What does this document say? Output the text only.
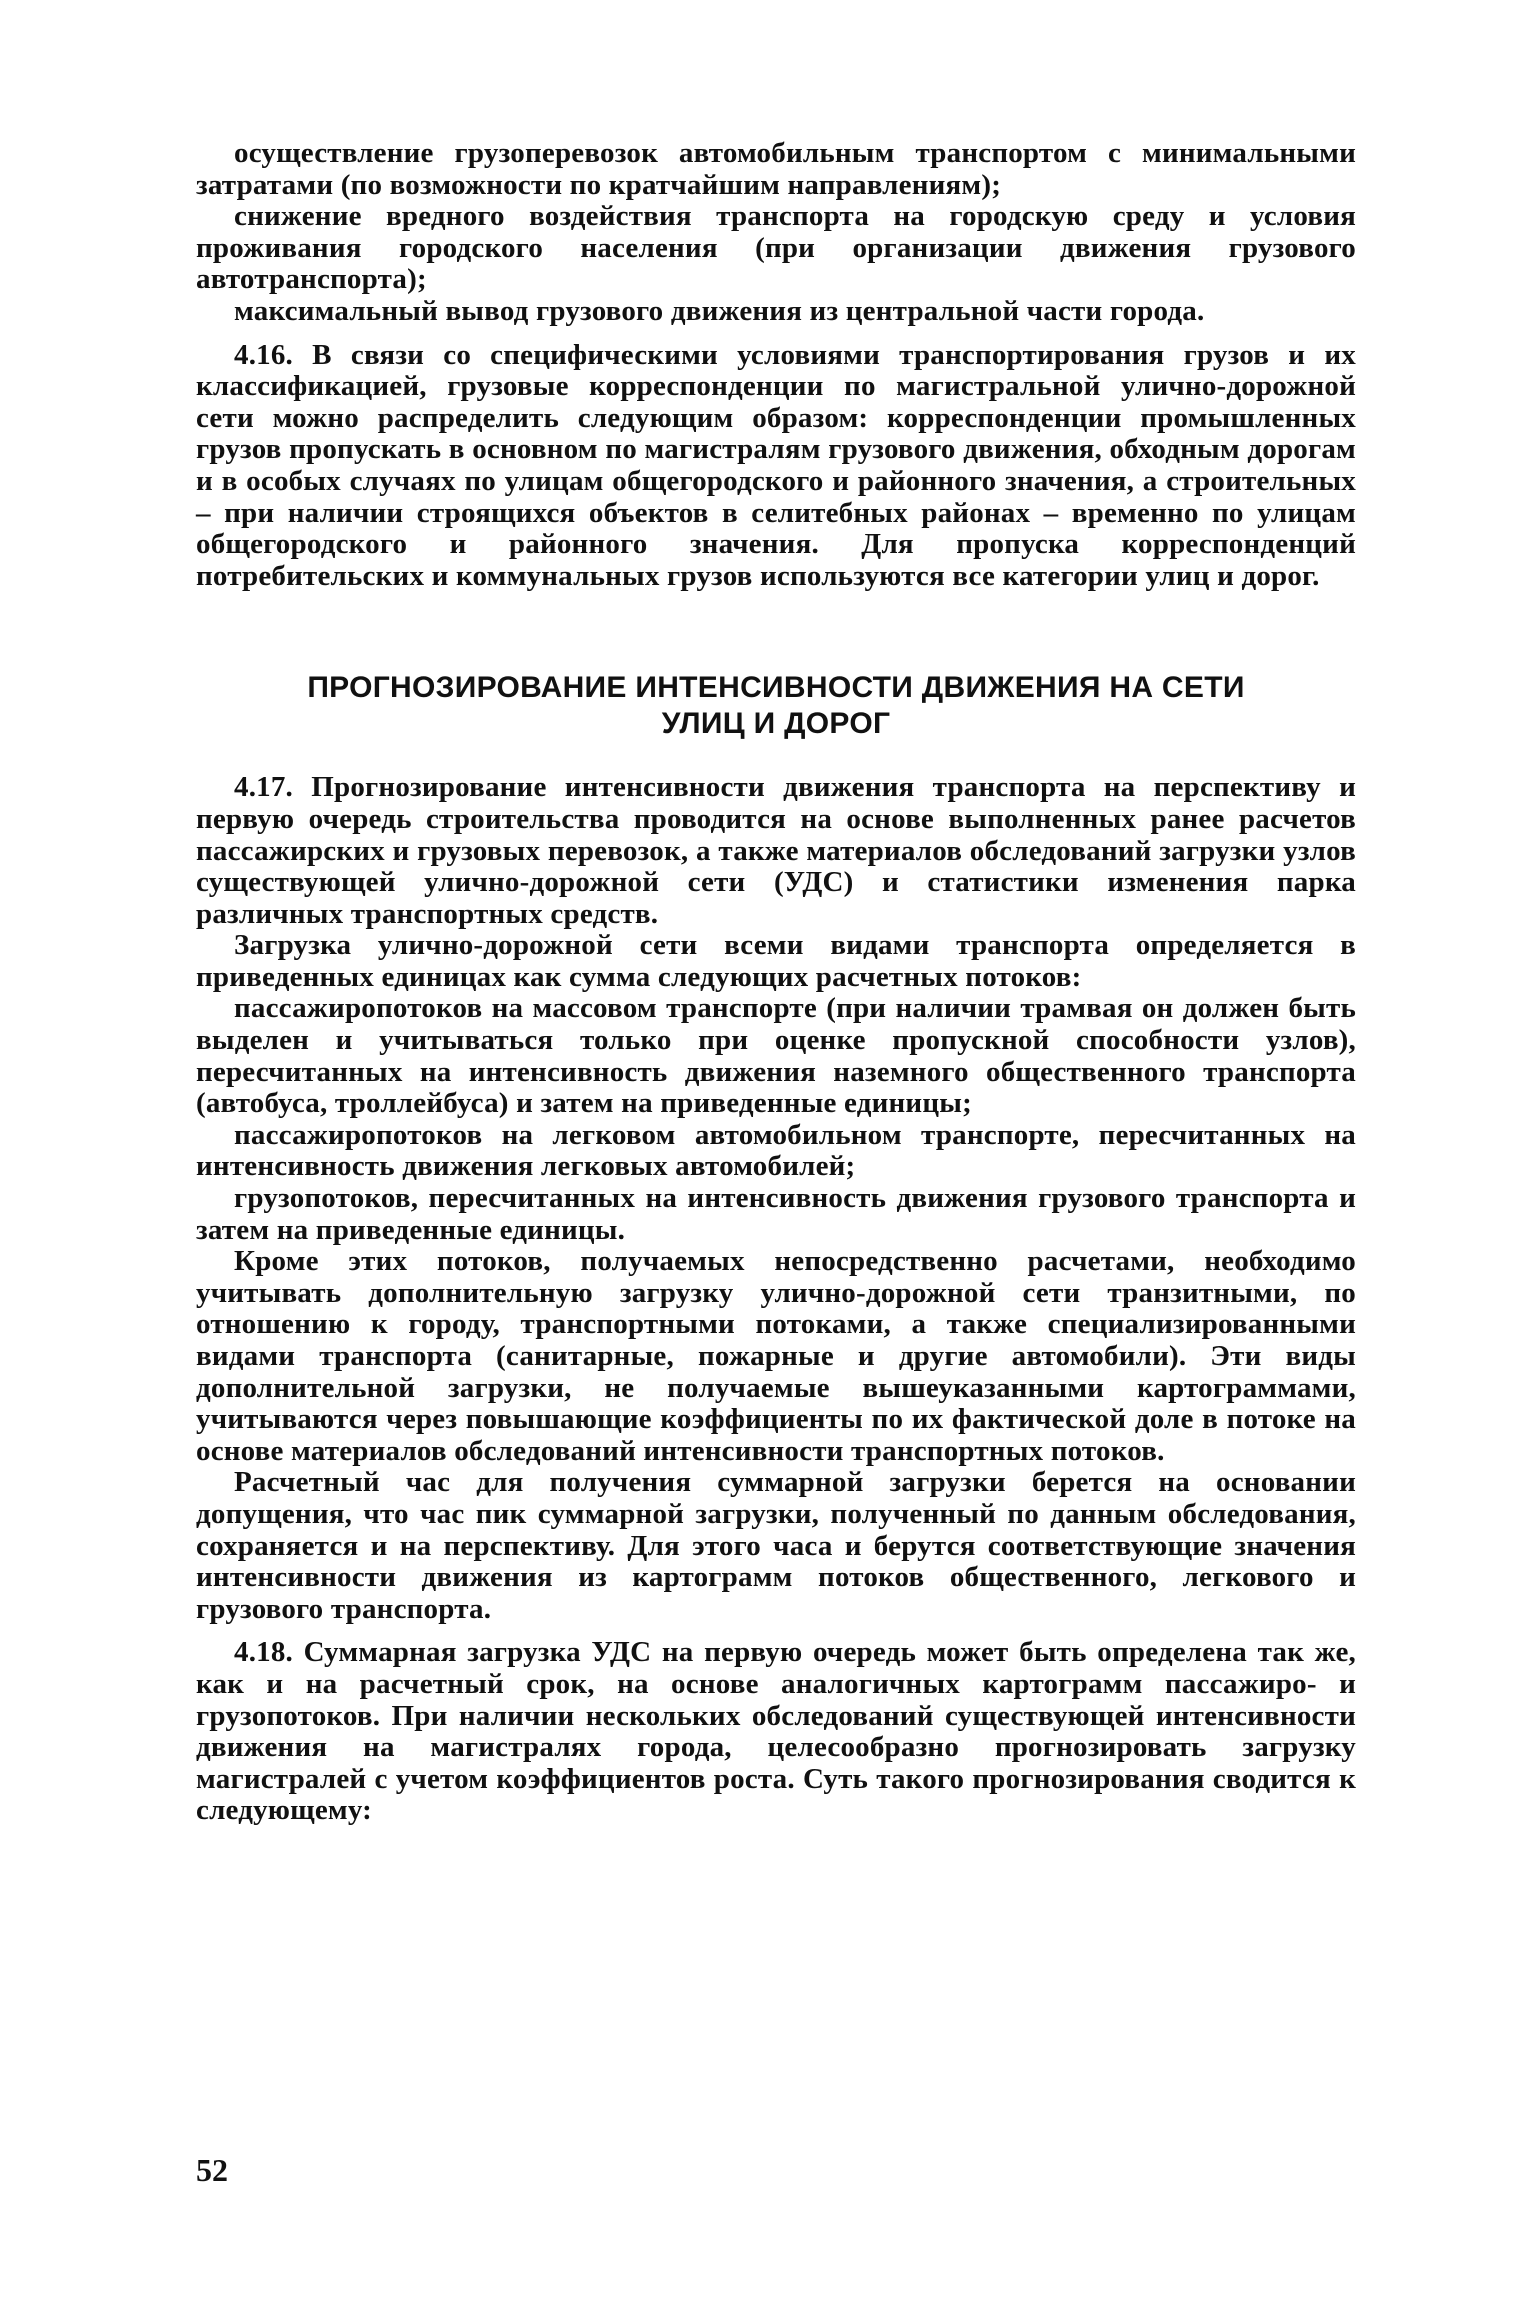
осуществление грузоперевозок автомобильным транспортом с минимальными затратами (по возможности по кратчайшим направлениям);

снижение вредного воздействия транспорта на городскую среду и условия проживания городского населения (при организации движения грузового автотранспорта);

максимальный вывод грузового движения из центральной части города.

4.16. В связи со специфическими условиями транспортирования грузов и их классификацией, грузовые корреспонденции по магистральной улично-дорожной сети можно распределить следующим образом: корреспонденции промышленных грузов пропускать в основном по магистралям грузового движения, обходным дорогам и в особых случаях по улицам общегородского и районного значения, а строительных – при наличии строящихся объектов в селитебных районах – временно по улицам общегородского и районного значения. Для пропуска корреспонденций потребительских и коммунальных грузов используются все категории улиц и дорог.

ПРОГНОЗИРОВАНИЕ ИНТЕНСИВНОСТИ ДВИЖЕНИЯ НА СЕТИ
УЛИЦ И ДОРОГ

4.17. Прогнозирование интенсивности движения транспорта на перспективу и первую очередь строительства проводится на основе выполненных ранее расчетов пассажирских и грузовых перевозок, а также материалов обследований загрузки узлов существующей улично-дорожной сети (УДС) и статистики изменения парка различных транспортных средств.

Загрузка улично-дорожной сети всеми видами транспорта определяется в приведенных единицах как сумма следующих расчетных потоков:

пассажиропотоков на массовом транспорте (при наличии трамвая он должен быть выделен и учитываться только при оценке пропускной способности узлов), пересчитанных на интенсивность движения наземного общественного транспорта (автобуса, троллейбуса) и затем на приведенные единицы;

пассажиропотоков на легковом автомобильном транспорте, пересчитанных на интенсивность движения легковых автомобилей;

грузопотоков, пересчитанных на интенсивность движения грузового транспорта и затем на приведенные единицы.

Кроме этих потоков, получаемых непосредственно расчетами, необходимо учитывать дополнительную загрузку улично-дорожной сети транзитными, по отношению к городу, транспортными потоками, а также специализированными видами транспорта (санитарные, пожарные и другие автомобили). Эти виды дополнительной загрузки, не получаемые вышеуказанными картограммами, учитываются через повышающие коэффициенты по их фактической доле в потоке на основе материалов обследований интенсивности транспортных потоков.

Расчетный час для получения суммарной загрузки берется на основании допущения, что час пик суммарной загрузки, полученный по данным обследования, сохраняется и на перспективу. Для этого часа и берутся соответствующие значения интенсивности движения из картограмм потоков общественного, легкового и грузового транспорта.

4.18. Суммарная загрузка УДС на первую очередь может быть определена так же, как и на расчетный срок, на основе аналогичных картограмм пассажиро- и грузопотоков. При наличии нескольких обследований существующей интенсивности движения на магистралях города, целесообразно прогнозировать загрузку магистралей с учетом коэффициентов роста. Суть такого прогнозирования сводится к следующему:

52
